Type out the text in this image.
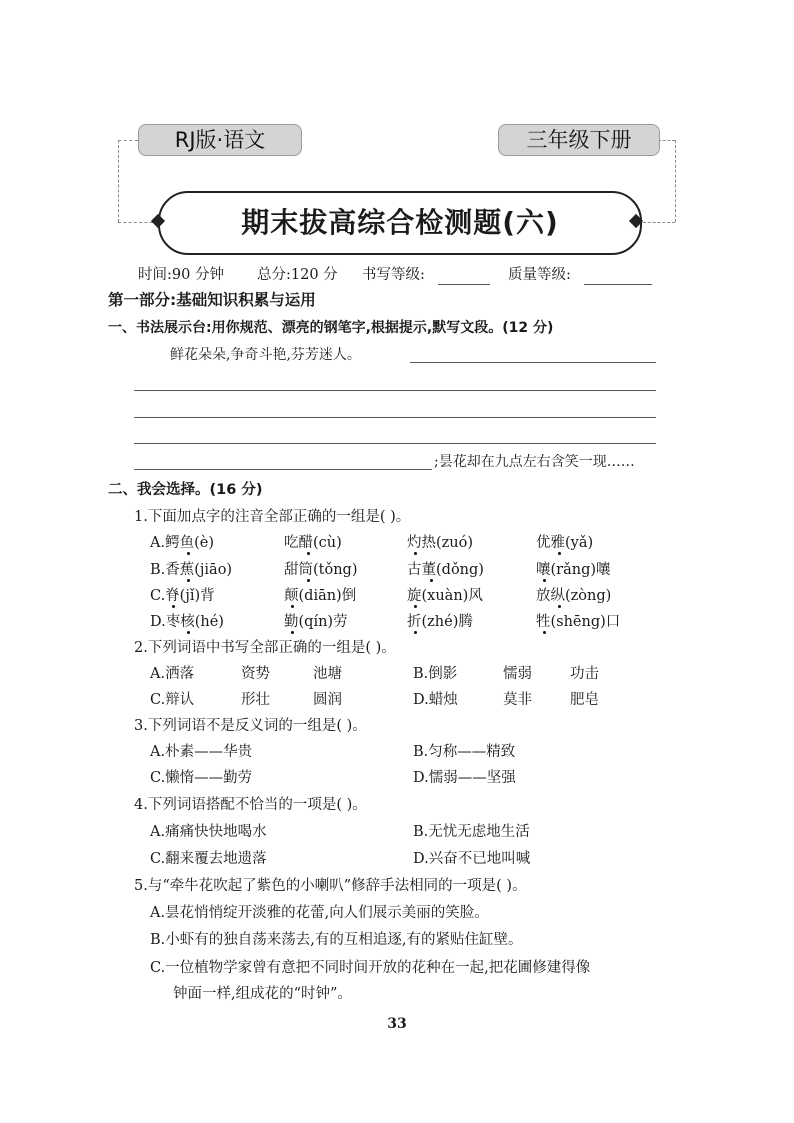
RJ版·语文	三年级下册
期末拔高综合检测题(六)
时间:90 分钟 总分:120 分 书写等级:	质量等级:
第一部分:基础知识积累与运用
一、书法展示台:用你规范、漂亮的钢笔字,根据提示,默写文段。(12 分)
鲜花朵朵,争奇斗艳,芬芳迷人。
;昙花却在九点左右含笑一现……
二、我会选择。(16 分)
1.下面加点字的注音全部正确的一组是( )。
A.鳄鱼(è)	吃醋(cù)	灼热(zuó)	优雅(yǎ)
B.香蕉(jiāo)	甜筒(tǒng)	古董(dǒng)	嚷(rǎng)嚷
C.脊(jǐ)背	颠(diān)倒	旋(xuàn)风	放纵(zòng)
D.枣核(hé)	勤(qín)劳	折(zhé)腾	牲(shēng)口
2.下列词语中书写全部正确的一组是( )。
A.洒落	资势	池塘	B.倒影	懦弱	功击
C.辩认	形壮	圆润	D.蜡烛	莫非	肥皂
3.下列词语不是反义词的一组是( )。
A.朴素——华贵	B.匀称——精致
C.懒惰——勤劳	D.懦弱——坚强
4.下列词语搭配不恰当的一项是( )。
A.痛痛快快地喝水	B.无忧无虑地生活
C.翻来覆去地遗落	D.兴奋不已地叫喊
5.与“牵牛花吹起了紫色的小喇叭”修辞手法相同的一项是( )。
A.昙花悄悄绽开淡雅的花蕾,向人们展示美丽的笑脸。
B.小虾有的独自荡来荡去,有的互相追逐,有的紧贴住缸壁。
C.一位植物学家曾有意把不同时间开放的花种在一起,把花圃修建得像
钟面一样,组成花的“时钟”。
33
